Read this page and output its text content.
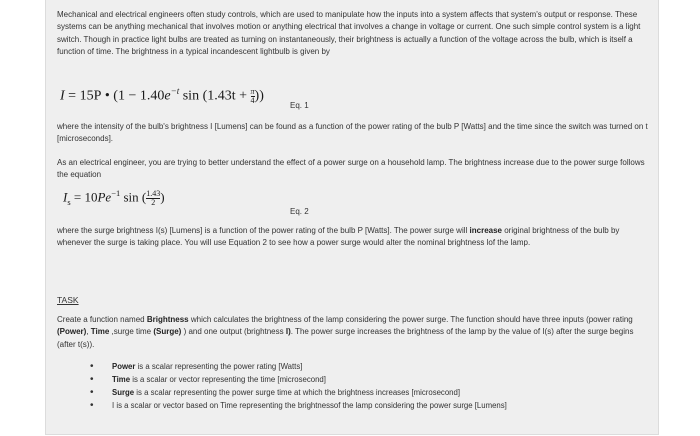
Mechanical and electrical engineers often study controls, which are used to manipulate how the inputs into a system affects that system's output or response. These systems can be anything mechanical that involves motion or anything electrical that involves a change in voltage or current. One such simple control system is a light switch. Though in practice light bulbs are treated as turning on instantaneously, their brightness is actually a function of the voltage across the bulb, which is itself a function of time. The brightness in a typical incandescent lightbulb is given by
I = 15P • ($1 - 1.40e^{-t}$ $\sin (1.43t + \frac{\pi}{4}$ ))
Eq. 1
where the intensity of the bulb's brightness I [Lumens] can be found as a function of the power rating of the bulb P [Watts] and the time since the switch was turned on t [microseconds].
As an electrical engineer, you are trying to better understand the effect of a power surge on a household lamp. The brightness increase due to the power surge follows the equation
$I_s = 10Pe^{-1}$ sin ( $\frac{1.43}{2}$ )
Eq. 2
where the surge brightness I(s) [Lumens] is a function of the power rating of the bulb P [Watts]. The power surge will increase original brightness of the bulb by whenever the surge is taking place. You will use Equation 2 to see how a power surge would alter the nominal brightness lof the lamp.
TASK
Create a function named Brightness which calculates the brightness of the lamp considering the power surge. The function should have three inputs (power rating (Power), Time ,surge time (Surge) ) and one output (brightness I). The power surge increases the brightness of the lamp by the value of I(s) after the surge begins (after t(s)).
• Power is a scalar representing the power rating [Watts]
• Time is a scalar or vector representing the time [microsecond]
• Surge is a scalar representing the power surge time at which the brightness increases [microsecond]
• I is a scalar or vector based on Time representing the brightnessof the lamp considering the power surge [Lumens]
